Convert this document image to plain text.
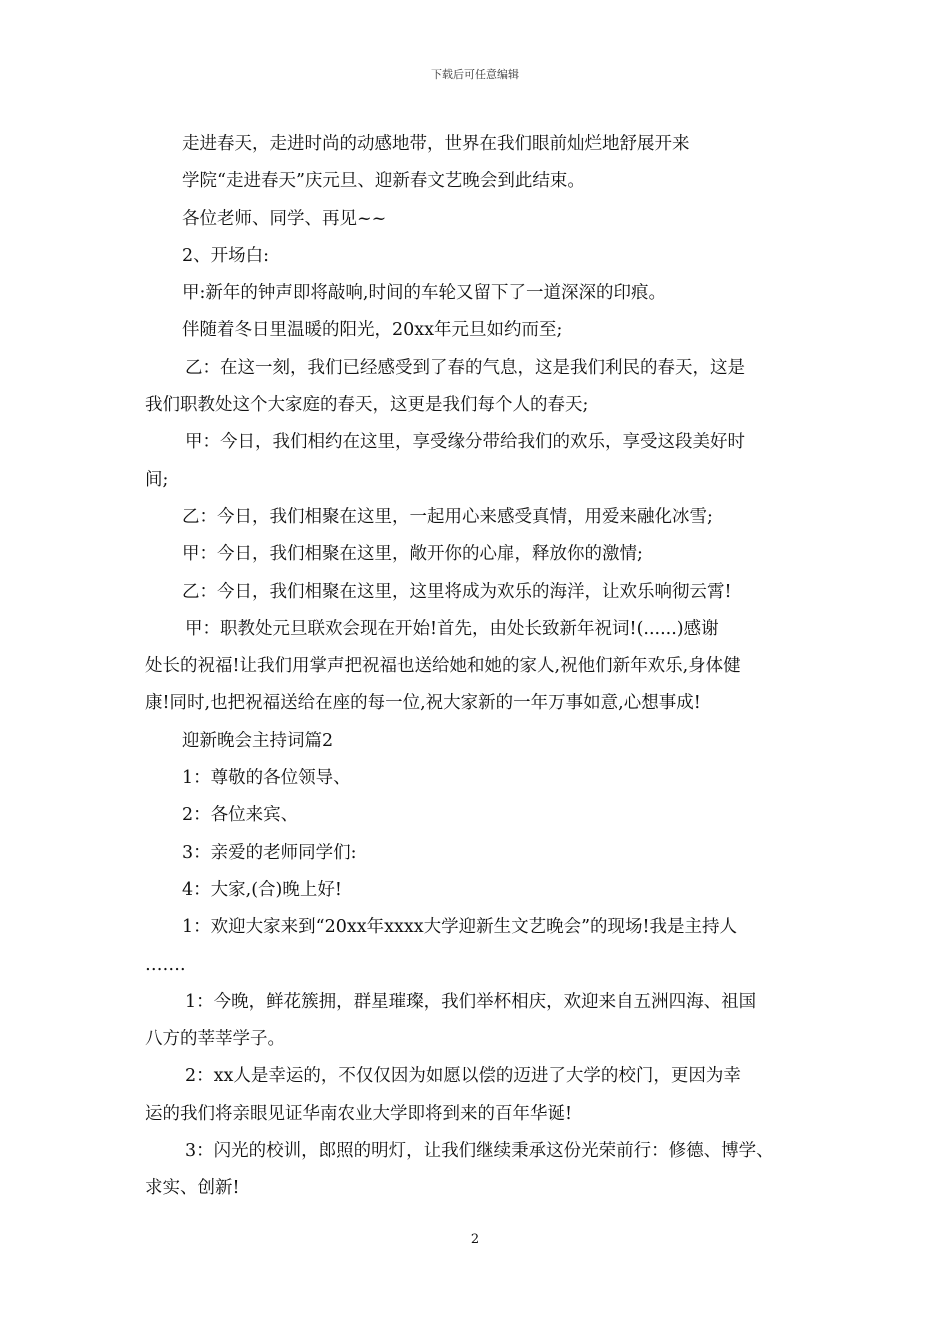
下载后可任意编辑

走进春天，走进时尚的动感地带，世界在我们眼前灿烂地舒展开来

学院“走进春天”庆元旦、迎新春文艺晚会到此结束。

各位老师、同学、再见~~

2、开场白:

甲:新年的钟声即将敲响,时间的车轮又留下了一道深深的印痕。

伴随着冬日里温暖的阳光，20xx年元旦如约而至;

乙：在这一刻，我们已经感受到了春的气息，这是我们利民的春天，这是

我们职教处这个大家庭的春天，这更是我们每个人的春天;

甲：今日，我们相约在这里，享受缘分带给我们的欢乐，享受这段美好时

间;

乙：今日，我们相聚在这里，一起用心来感受真情，用爱来融化冰雪;

甲：今日，我们相聚在这里，敞开你的心扉，释放你的激情;

乙：今日，我们相聚在这里，这里将成为欢乐的海洋，让欢乐响彻云霄!

甲：职教处元旦联欢会现在开始!首先，由处长致新年祝词!(......)感谢

处长的祝福!让我们用掌声把祝福也送给她和她的家人,祝他们新年欢乐,身体健

康!同时,也把祝福送给在座的每一位,祝大家新的一年万事如意,心想事成!

迎新晚会主持词篇2

1：尊敬的各位领导、

2：各位来宾、

3：亲爱的老师同学们:

4：大家,(合)晚上好!

1：欢迎大家来到“20xx年xxxx大学迎新生文艺晚会”的现场!我是主持人

…….

1：今晚，鲜花簇拥，群星璀璨，我们举杯相庆，欢迎来自五洲四海、祖国

八方的莘莘学子。

2：xx人是幸运的，不仅仅因为如愿以偿的迈进了大学的校门，更因为幸

运的我们将亲眼见证华南农业大学即将到来的百年华诞!

3：闪光的校训，郎照的明灯，让我们继续秉承这份光荣前行：修德、博学、

求实、创新!

2
